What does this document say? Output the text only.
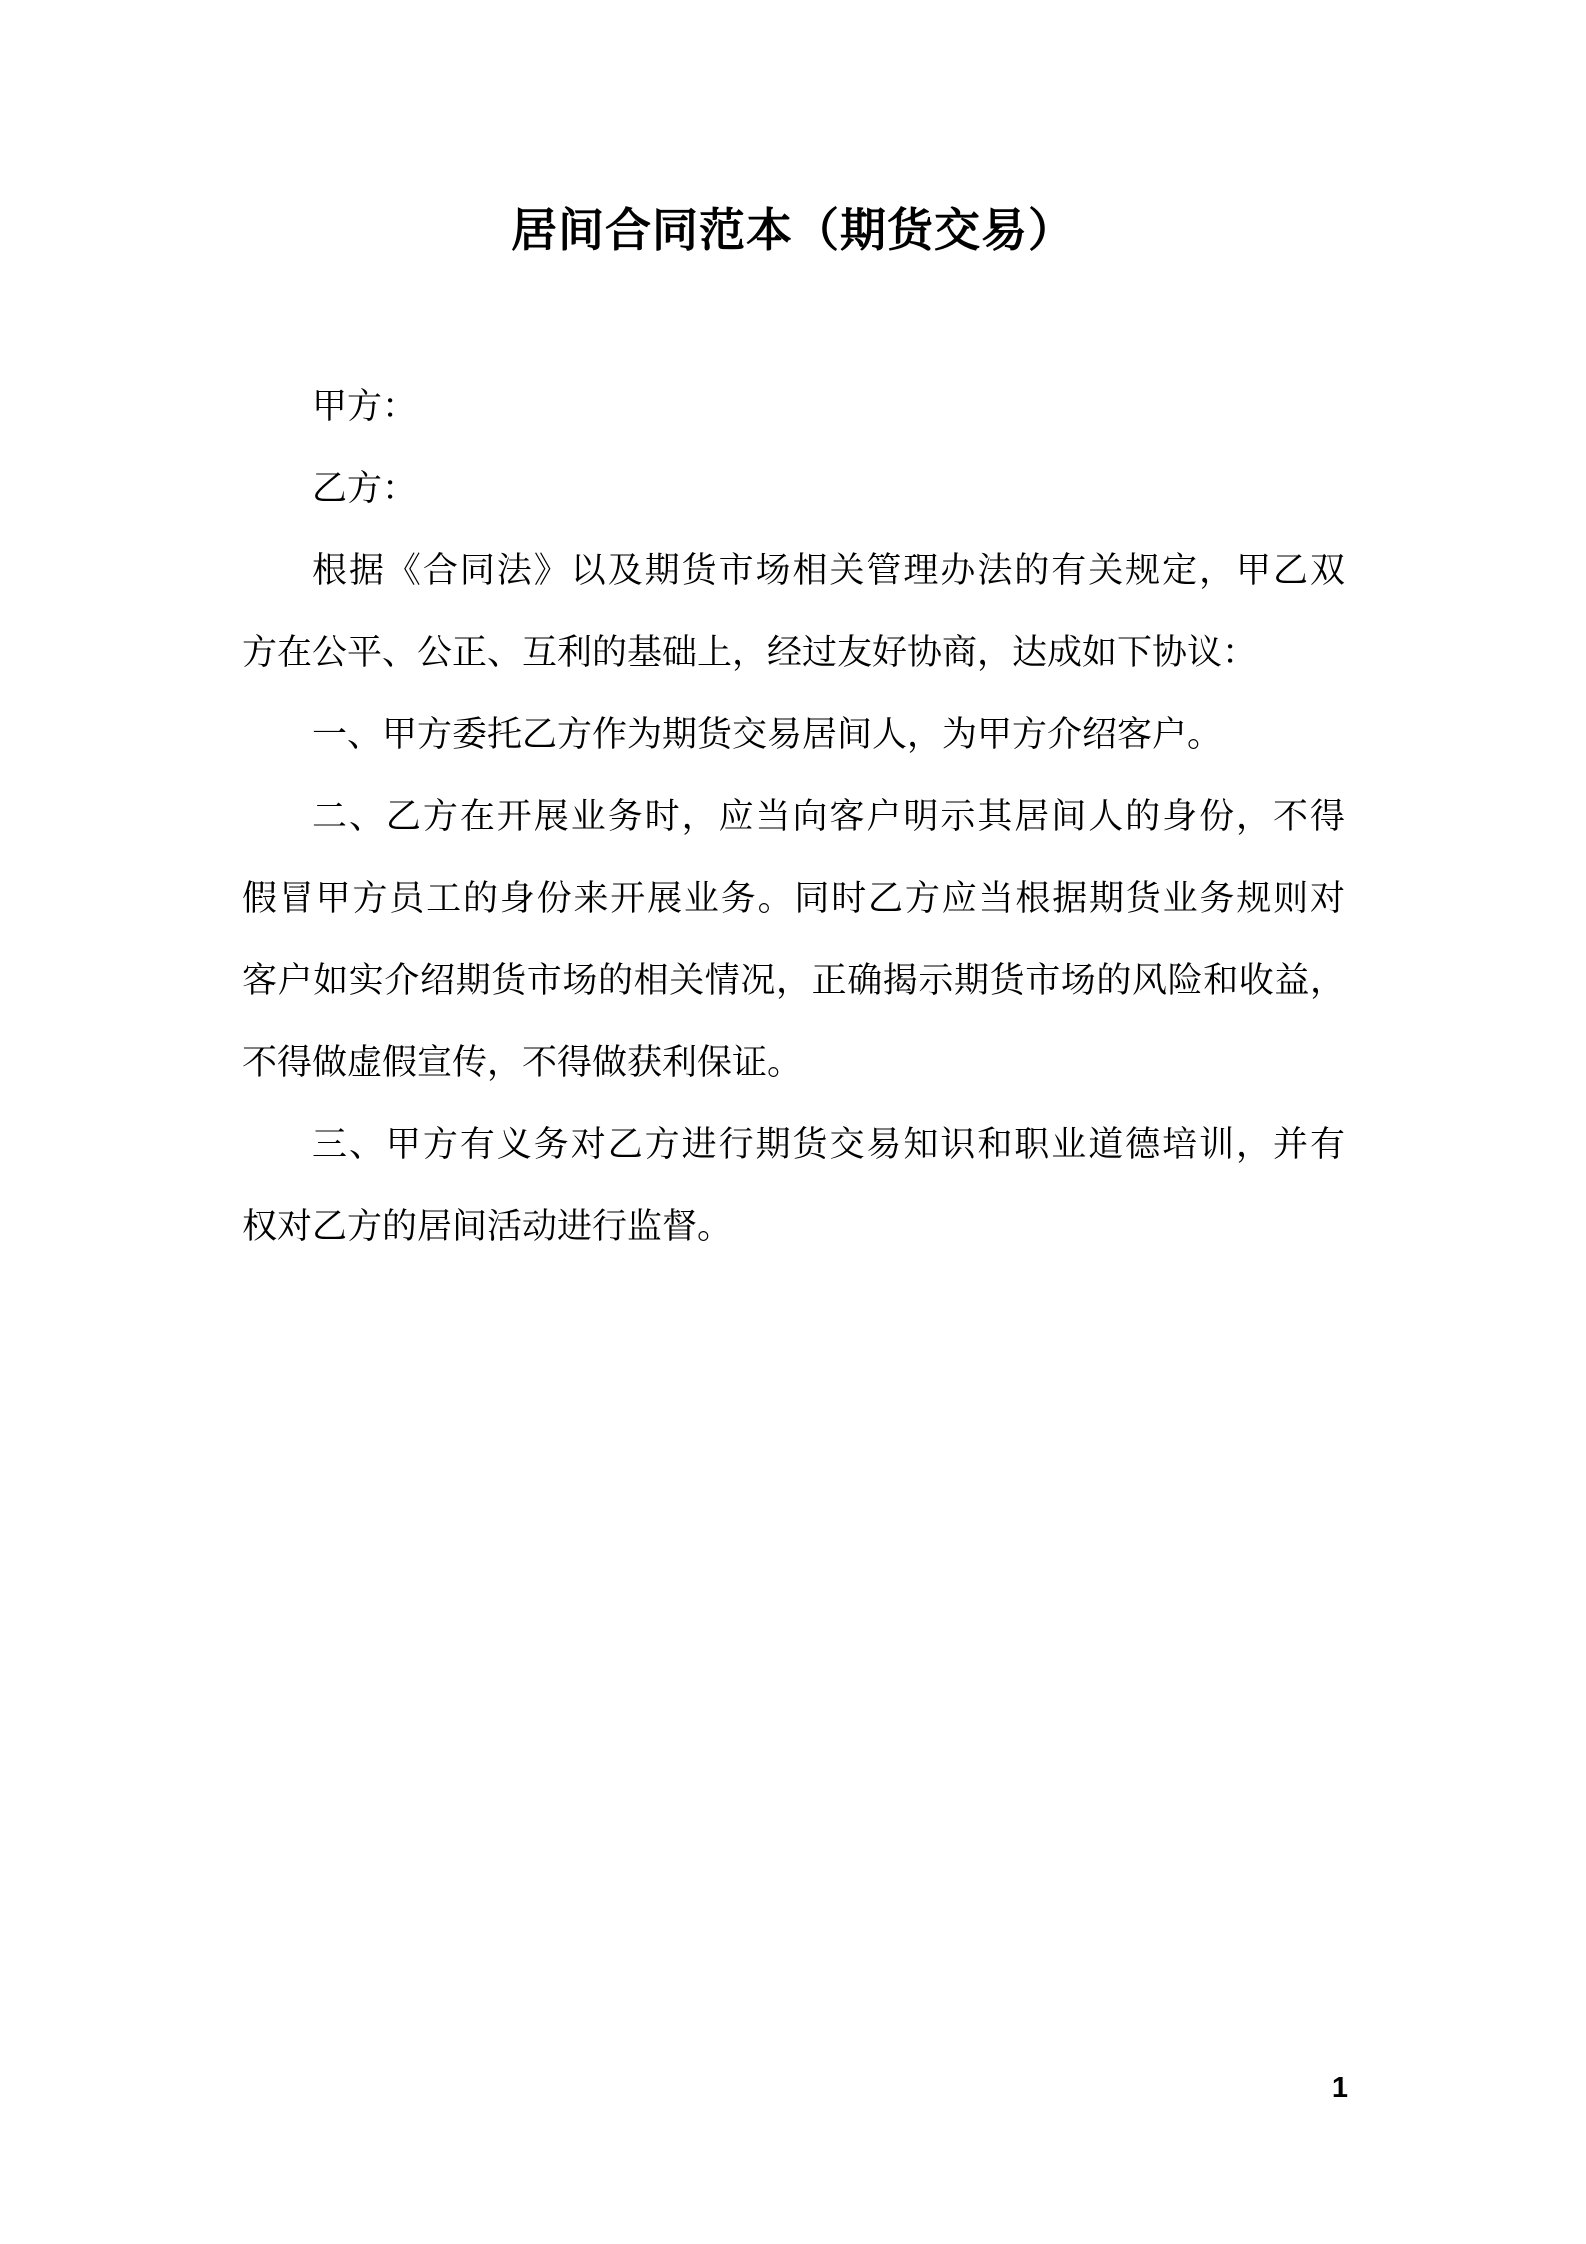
居间合同范本（期货交易）
甲方：
乙方：
根据《合同法》以及期货市场相关管理办法的有关规定，甲乙双
方在公平、公正、互利的基础上，经过友好协商，达成如下协议：
一、甲方委托乙方作为期货交易居间人，为甲方介绍客户。
二、乙方在开展业务时，应当向客户明示其居间人的身份，不得
假冒甲方员工的身份来开展业务。同时乙方应当根据期货业务规则对
客户如实介绍期货市场的相关情况，正确揭示期货市场的风险和收益，
不得做虚假宣传，不得做获利保证。
三、甲方有义务对乙方进行期货交易知识和职业道德培训，并有
权对乙方的居间活动进行监督。
1
